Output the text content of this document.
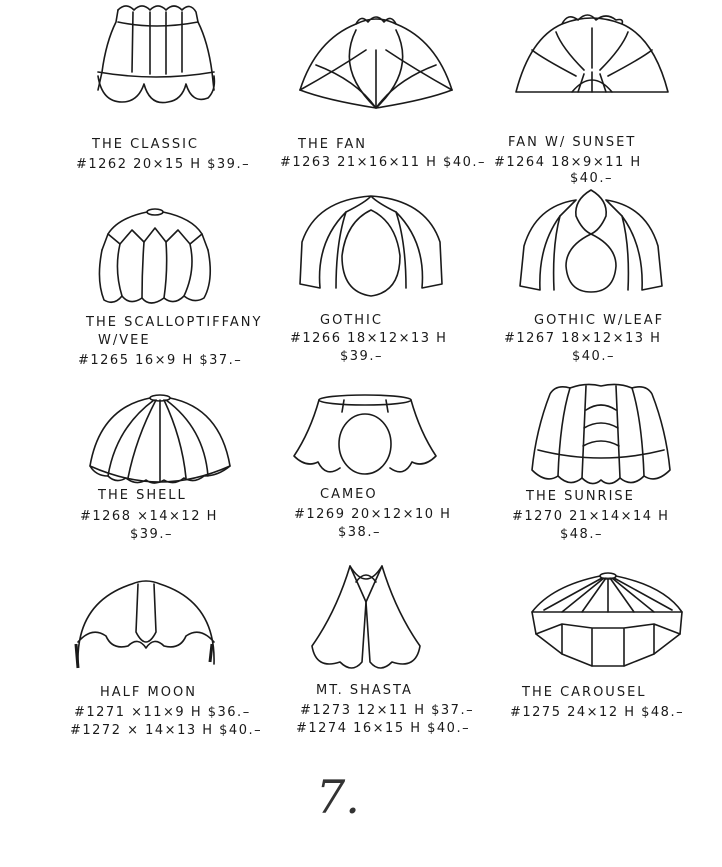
THE CLASSIC
#1262 20×15 H $39.–
THE FAN
#1263 21×16×11 H $40.–
FAN W/ SUNSET
#1264 18×9×11 H
$40.–
THE SCALLOPTIFFANY
W/VEE
#1265 16×9 H $37.–
GOTHIC
#1266 18×12×13 H
$39.–
GOTHIC W/LEAF
#1267 18×12×13 H
$40.–
THE SHELL
#1268 ×14×12 H
$39.–
CAMEO
#1269 20×12×10 H
$38.–
THE SUNRISE
#1270 21×14×14 H
$48.–
HALF MOON
#1271 ×11×9 H $36.–
#1272 × 14×13 H $40.–
MT. SHASTA
#1273 12×11 H $37.–
#1274 16×15 H $40.–
THE CAROUSEL
#1275 24×12 H $48.–
7.
